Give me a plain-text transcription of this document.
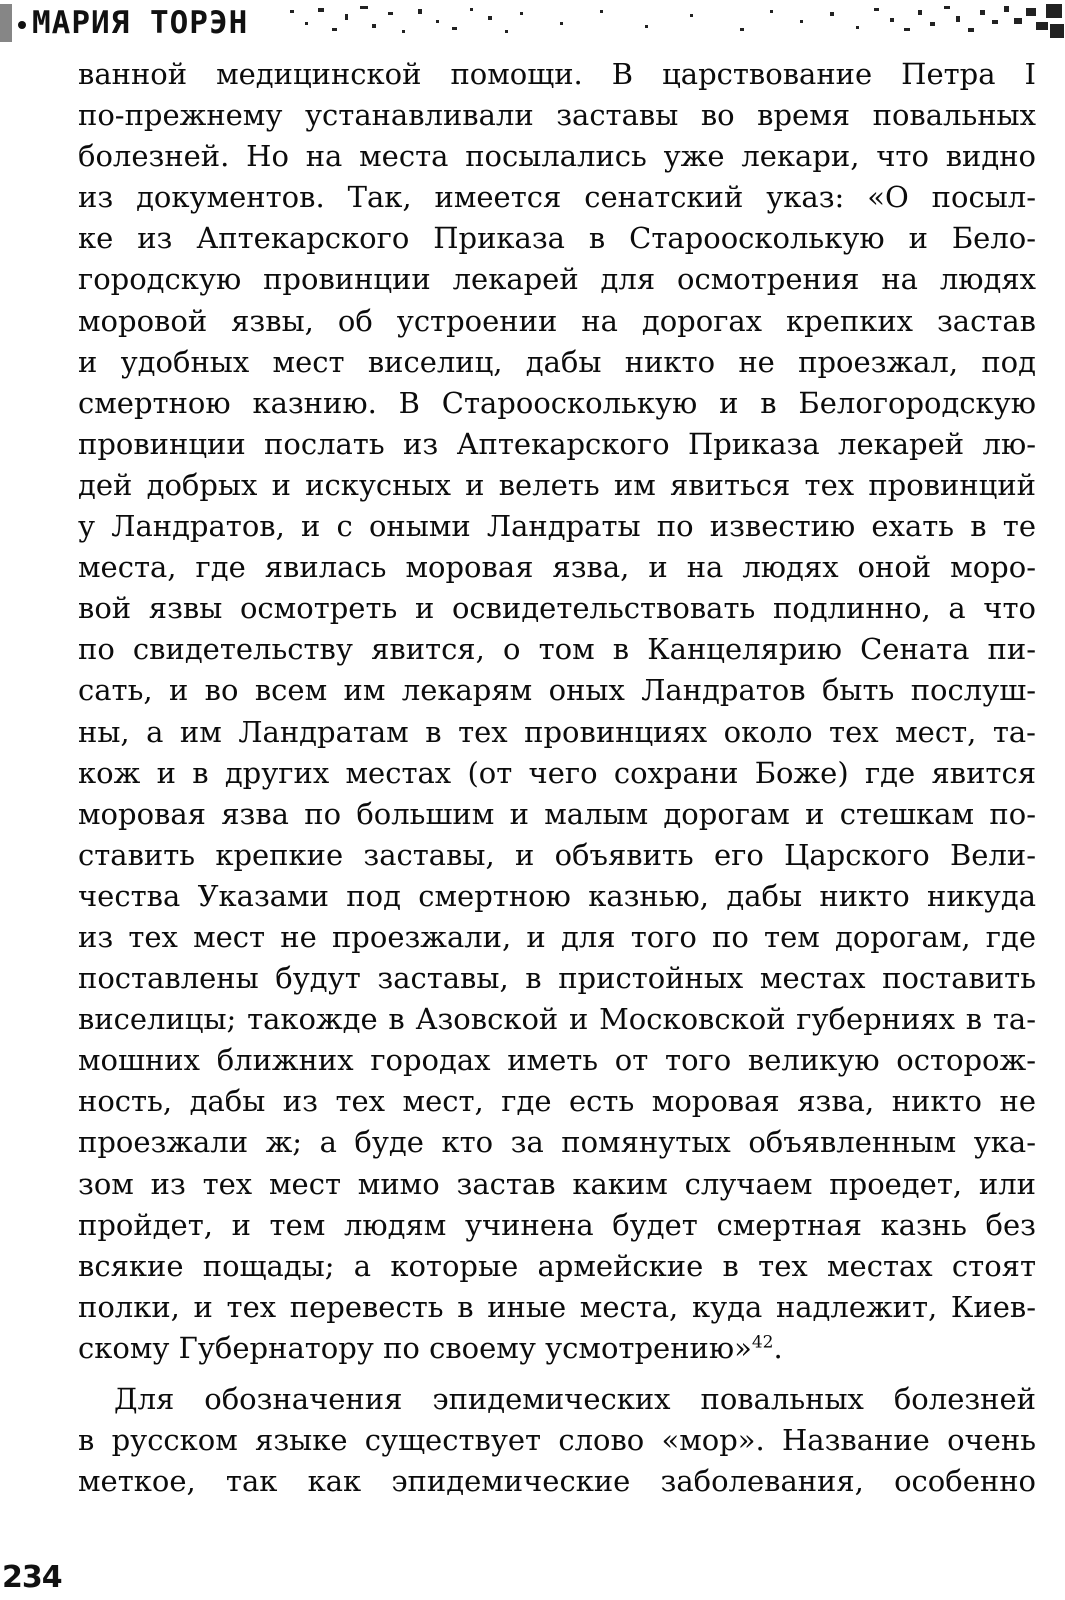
МАРИЯ ТОРЭН
ванной медицинской помощи. В царствование Петра I
по-прежнему устанавливали заставы во время повальных
болезней. Но на места посылались уже лекари, что видно
из документов. Так, имеется сенатский указ: «О посыл-
ке из Аптекарского Приказа в Староосколькую и Бело-
городскую провинции лекарей для осмотрения на людях
моровой язвы, об устроении на дорогах крепких застав
и удобных мест виселиц, дабы никто не проезжал, под
смертною казнию. В Староосколькую и в Белогородскую
провинции послать из Аптекарского Приказа лекарей лю-
дей добрых и искусных и велеть им явиться тех провинций
у Ландратов, и с оными Ландраты по известию ехать в те
места, где явилась моровая язва, и на людях оной моро-
вой язвы осмотреть и освидетельствовать подлинно, а что
по свидетельству явится, о том в Канцелярию Сената пи-
сать, и во всем им лекарям оных Ландратов быть послуш-
ны, а им Ландратам в тех провинциях около тех мест, та-
кож и в других местах (от чего сохрани Боже) где явится
моровая язва по большим и малым дорогам и стешкам по-
ставить крепкие заставы, и объявить его Царского Вели-
чества Указами под смертною казнью, дабы никто никуда
из тех мест не проезжали, и для того по тем дорогам, где
поставлены будут заставы, в пристойных местах поставить
виселицы; такожде в Азовской и Московской губерниях в та-
мошних ближних городах иметь от того великую осторож-
ность, дабы из тех мест, где есть моровая язва, никто не
проезжали ж; а буде кто за помянутых объявленным ука-
зом из тех мест мимо застав каким случаем проедет, или
пройдет, и тем людям учинена будет смертная казнь без
всякие пощады; а которые армейские в тех местах стоят
полки, и тех перевесть в иные места, куда надлежит, Киев-
скому Губернатору по своему усмотрению»$^{42}$.
Для обозначения эпидемических повальных болезней
в русском языке существует слово «мор». Название очень
меткое, так как эпидемические заболевания, особенно
234
